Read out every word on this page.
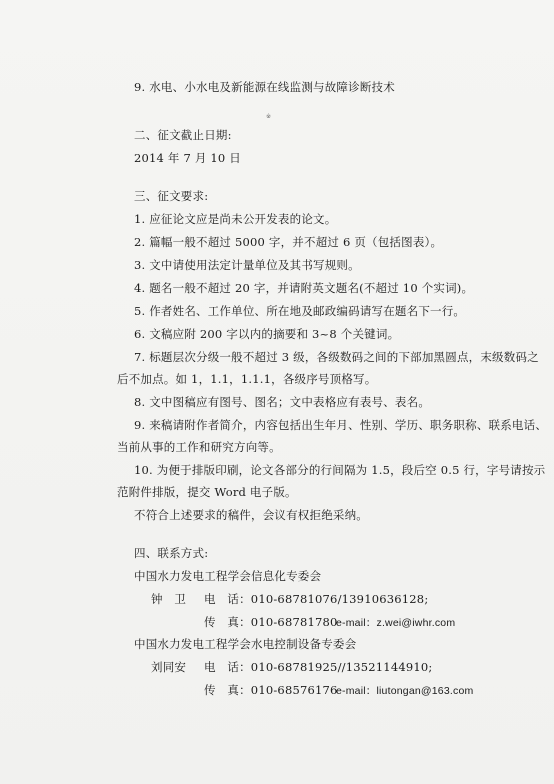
9. 水电、小水电及新能源在线监测与故障诊断技术
※
二、征文截止日期:
2014 年 7 月 10 日
三、征文要求:
1. 应征论文应是尚未公开发表的论文。
2. 篇幅一般不超过 5000 字，并不超过 6 页（包括图表）。
3. 文中请使用法定计量单位及其书写规则。
4. 题名一般不超过 20 字，并请附英文题名(不超过 10 个实词)。
5. 作者姓名、工作单位、所在地及邮政编码请写在题名下一行。
6. 文稿应附 200 字以内的摘要和 3~8 个关键词。
7. 标题层次分级一般不超过 3 级，各级数码之间的下部加黑圆点，末级数码之
后不加点。如 1，1.1，1.1.1，各级序号顶格写。
8. 文中图稿应有图号、图名；文中表格应有表号、表名。
9. 来稿请附作者简介，内容包括出生年月、性别、学历、职务职称、联系电话、
当前从事的工作和研究方向等。
10. 为便于排版印刷，论文各部分的行间隔为 1.5，段后空 0.5 行，字号请按示
范附件排版，提交 Word 电子版。
不符合上述要求的稿件，会议有权拒绝采纳。
四、联系方式:
中国水力发电工程学会信息化专委会
钟　卫 电　话：010-68781076/13910636128;
传　真：010-68781780
e-mail：z.wei@iwhr.com
中国水力发电工程学会水电控制设备专委会
刘同安 电　话：010-68781925//13521144910;
传　真：010-68576176
e-mail：liutongan@163.com
